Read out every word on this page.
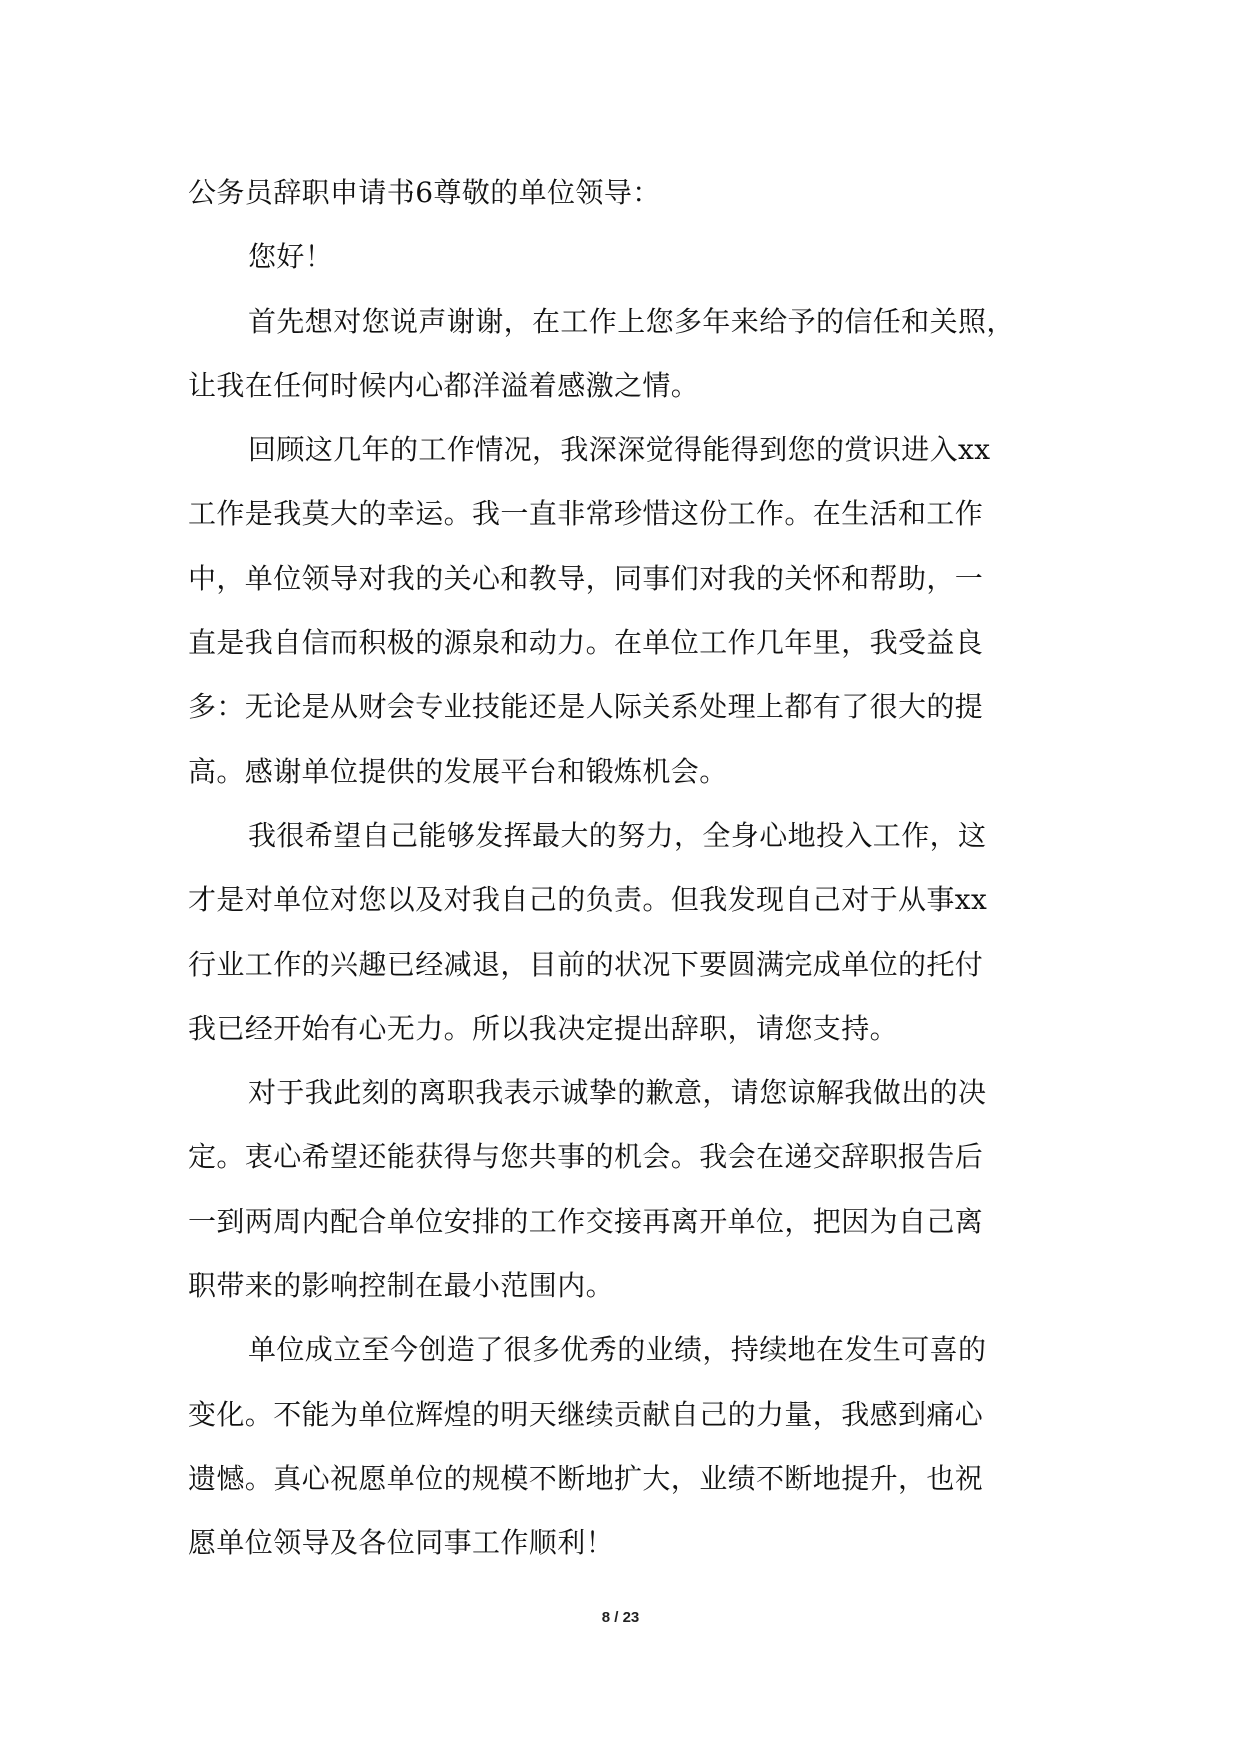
公务员辞职申请书6尊敬的单位领导：
您好！
首先想对您说声谢谢，在工作上您多年来给予的信任和关照，
让我在任何时候内心都洋溢着感激之情。
回顾这几年的工作情况，我深深觉得能得到您的赏识进入xx
工作是我莫大的幸运。我一直非常珍惜这份工作。在生活和工作
中，单位领导对我的关心和教导，同事们对我的关怀和帮助，一
直是我自信而积极的源泉和动力。在单位工作几年里，我受益良
多：无论是从财会专业技能还是人际关系处理上都有了很大的提
高。感谢单位提供的发展平台和锻炼机会。
我很希望自己能够发挥最大的努力，全身心地投入工作，这
才是对单位对您以及对我自己的负责。但我发现自己对于从事xx
行业工作的兴趣已经减退，目前的状况下要圆满完成单位的托付
我已经开始有心无力。所以我决定提出辞职，请您支持。
对于我此刻的离职我表示诚挚的歉意，请您谅解我做出的决
定。衷心希望还能获得与您共事的机会。我会在递交辞职报告后
一到两周内配合单位安排的工作交接再离开单位，把因为自己离
职带来的影响控制在最小范围内。
单位成立至今创造了很多优秀的业绩，持续地在发生可喜的
变化。不能为单位辉煌的明天继续贡献自己的力量，我感到痛心
遗憾。真心祝愿单位的规模不断地扩大，业绩不断地提升，也祝
愿单位领导及各位同事工作顺利！
8 / 23
